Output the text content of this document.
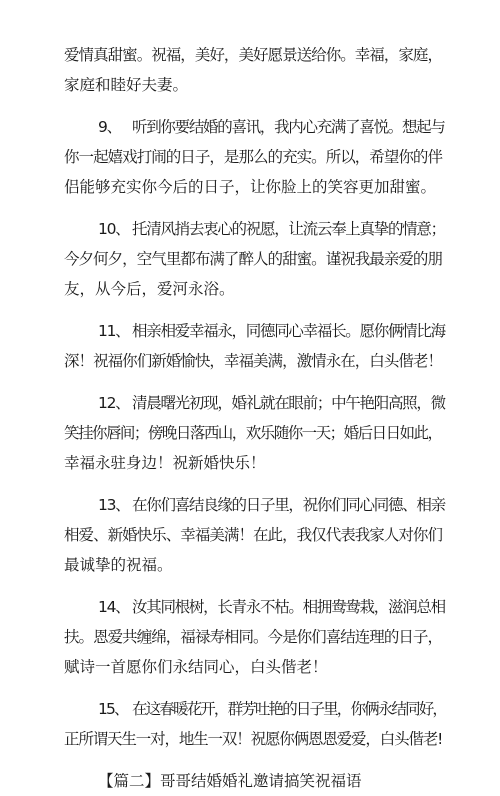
爱情真甜蜜。祝福，美好，美好愿景送给你。幸福，家庭，
家庭和睦好夫妻。

9、 听到你要结婚的喜讯，我内心充满了喜悦。想起与
你一起嬉戏打闹的日子，是那么的充实。所以，希望你的伴
侣能够充实你今后的日子，让你脸上的笑容更加甜蜜。

10、 托清风捎去衷心的祝愿，让流云奉上真挚的情意；
今夕何夕，空气里都布满了醉人的甜蜜。谨祝我最亲爱的朋
友，从今后，爱河永浴。

11、 相亲相爱幸福永，同德同心幸福长。愿你俩情比海
深！祝福你们新婚愉快，幸福美满，激情永在，白头偕老！

12、 清晨曙光初现，婚礼就在眼前；中午艳阳高照，微
笑挂你唇间；傍晚日落西山，欢乐随你一天；婚后日日如此，
幸福永驻身边！祝新婚快乐！

13、 在你们喜结良缘的日子里，祝你们同心同德、相亲
相爱、新婚快乐、幸福美满！在此，我仅代表我家人对你们
最诚挚的祝福。

14、 汝其同根树，长青永不枯。相拥鸯鸯栽，滋润总相
扶。恩爱共缠绵，福禄寿相同。今是你们喜结连理的日子，
赋诗一首愿你们永结同心，白头偕老！

15、 在这春暖花开，群芳吐艳的日子里，你俩永结同好，
正所谓天生一对，地生一双！祝愿你俩恩恩爱爱，白头偕老!

【篇二】哥哥结婚婚礼邀请搞笑祝福语
